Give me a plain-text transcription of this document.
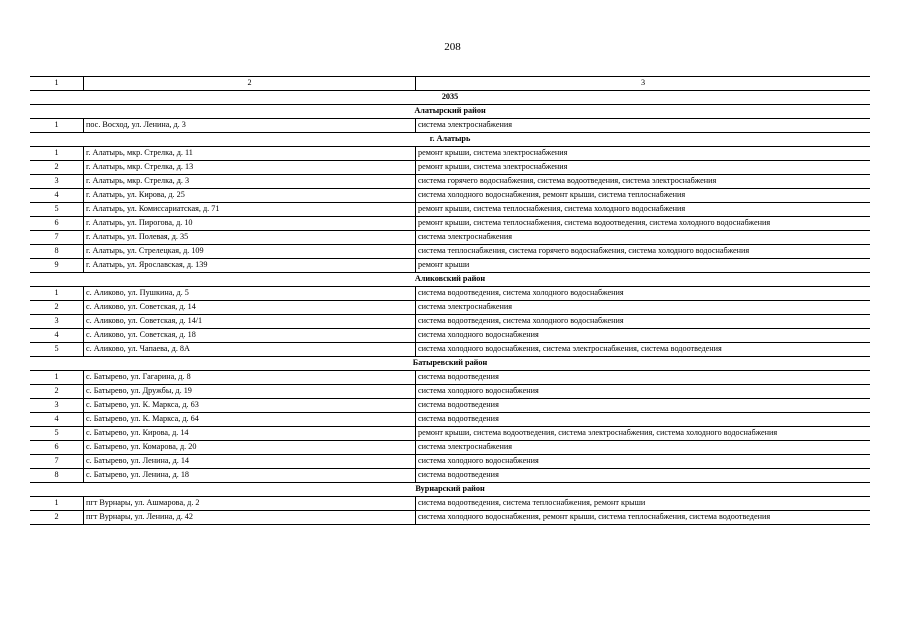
208
1	2	3
2035		
Алатырский район		
1	пос. Восход, ул. Ленина, д. 3	система электроснабжения
г. Алатырь		
1	г. Алатырь, мкр. Стрелка, д. 11	ремонт крыши, система электроснабжения
2	г. Алатырь, мкр. Стрелка, д. 13	ремонт крыши, система электроснабжения
3	г. Алатырь, мкр. Стрелка, д. 3	система горячего водоснабжения, система водоотведения, система электроснабжения
4	г. Алатырь, ул. Кирова, д. 25	система холодного водоснабжения, ремонт крыши, система теплоснабжения
5	г. Алатырь, ул. Комиссариатская, д. 71	ремонт крыши, система теплоснабжения, система холодного водоснабжения
6	г. Алатырь, ул. Пирогова, д. 10	ремонт крыши, система теплоснабжения, система водоотведения, система холодного водоснабжения
7	г. Алатырь, ул. Полевая, д. 35	система электроснабжения
8	г. Алатырь, ул. Стрелецкая, д. 109	система теплоснабжения, система горячего водоснабжения, система холодного водоснабжения
9	г. Алатырь, ул. Ярославская, д. 139	ремонт крыши
Аликовский район		
1	с. Аликово, ул. Пушкина, д. 5	система водоотведения, система холодного водоснабжения
2	с. Аликово, ул. Советская, д. 14	система электроснабжения
3	с. Аликово, ул. Советская, д. 14/1	система водоотведения, система холодного водоснабжения
4	с. Аликово, ул. Советская, д. 18	система холодного водоснабжения
5	с. Аликово, ул. Чапаева, д. 8А	система холодного водоснабжения, система электроснабжения, система водоотведения
Батыревский район		
1	с. Батырево, ул. Гагарина, д. 8	система водоотведения
2	с. Батырево, ул. Дружбы, д. 19	система холодного водоснабжения
3	с. Батырево, ул. К. Маркса, д. 63	система водоотведения
4	с. Батырево, ул. К. Маркса, д. 64	система водоотведения
5	с. Батырево, ул. Кирова, д. 14	ремонт крыши, система водоотведения, система электроснабжения, система холодного водоснабжения
6	с. Батырево, ул. Комарова, д. 20	система электроснабжения
7	с. Батырево, ул. Ленина, д. 14	система холодного водоснабжения
8	с. Батырево, ул. Ленина, д. 18	система водоотведения
Вурнарский район		
1	пгт Вурнары, ул. Ашмарова, д. 2	система водоотведения, система теплоснабжения, ремонт крыши
2	пгт Вурнары, ул. Ленина, д. 42	система холодного водоснабжения, ремонт крыши, система теплоснабжения, система водоотведения
